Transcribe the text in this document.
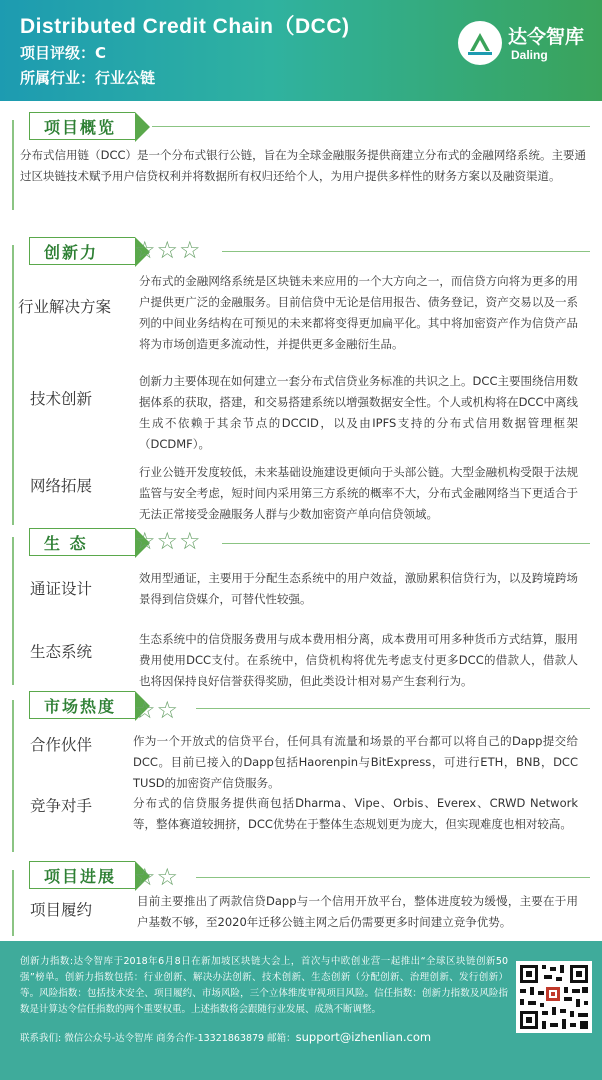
Distributed Credit Chain（DCC)
项目评级：C
所属行业：行业公链
达令智库
Daling
项目概览
分布式信用链（DCC）是一个分布式银行公链，旨在为全球金融服务提供商建立分布式的金融网络系统。主要通过区块链技术赋予用户信贷权利并将数据所有权归还给个人，为用户提供多样性的财务方案以及融资渠道。
创新力 ☆☆☆
行业解决方案
分布式的金融网络系统是区块链未来应用的一个大方向之一，而信贷方向将为更多的用户提供更广泛的金融服务。目前信贷中无论是信用报告、债务登记，资产交易以及一系列的中间业务结构在可预见的未来都将变得更加扁平化。其中将加密资产作为信贷产品将为市场创造更多流动性，并提供更多金融衍生品。
技术创新
创新力主要体现在如何建立一套分布式信贷业务标准的共识之上。DCC主要围绕信用数据体系的获取，搭建，和交易搭建系统以增强数据安全性。个人或机构将在DCC中离线生成不依赖于其余节点的DCCID，以及由IPFS支持的分布式信用数据管理框架（DCDMF）。
网络拓展
行业公链开发度较低，未来基础设施建设更倾向于头部公链。大型金融机构受限于法规监管与安全考虑，短时间内采用第三方系统的概率不大，分布式金融网络当下更适合于无法正常接受金融服务人群与少数加密资产单向信贷领域。
生 态 ☆☆☆
通证设计
效用型通证，主要用于分配生态系统中的用户效益，激励累积信贷行为，以及跨境跨场景得到信贷媒介，可替代性较强。
生态系统
生态系统中的信贷服务费用与成本费用相分离，成本费用可用多种货币方式结算，服用费用使用DCC支付。在系统中，信贷机构将优先考虑支付更多DCC的借款人，借款人也将因保持良好信誉获得奖励，但此类设计相对易产生套利行为。
市场热度 ☆☆
合作伙伴	作为一个开放式的信贷平台，任何具有流量和场景的平台都可以将自己的Dapp提交给DCC。目前已接入的Dapp包括Haorenpin与BitExpress，可进行ETH，BNB，DCC TUSD的加密资产信贷服务。
竞争对手	分布式的信贷服务提供商包括Dharma、Vipe、Orbis、Everex、CRWD Network等，整体赛道较拥挤，DCC优势在于整体生态规划更为庞大，但实现难度也相对较高。
项目进展 ☆☆
项目履约	目前主要推出了两款信贷Dapp与一个信用开放平台，整体进度较为缓慢，主要在于用户基数不够，至2020年迁移公链主网之后仍需要更多时间建立竞争优势。
创新力指数:达令智库于2018年6月8日在新加坡区块链大会上，首次与中欧创业营一起推出“全球区块链创新50强”榜单。创新力指数包括：行业创新、解决办法创新、技术创新、生态创新（分配创新、治理创新、发行创新）等。风险指数：包括技术安全、项目履约、市场风险，三个立体维度审视项目风险。信任指数：创新力指数及风险指数是计算达令信任指数的两个重要权重。上述指数将会跟随行业发展、成熟不断调整。
联系我们: 微信公众号-达令智库 商务合作-13321863879 邮箱：support@izhenlian.com
